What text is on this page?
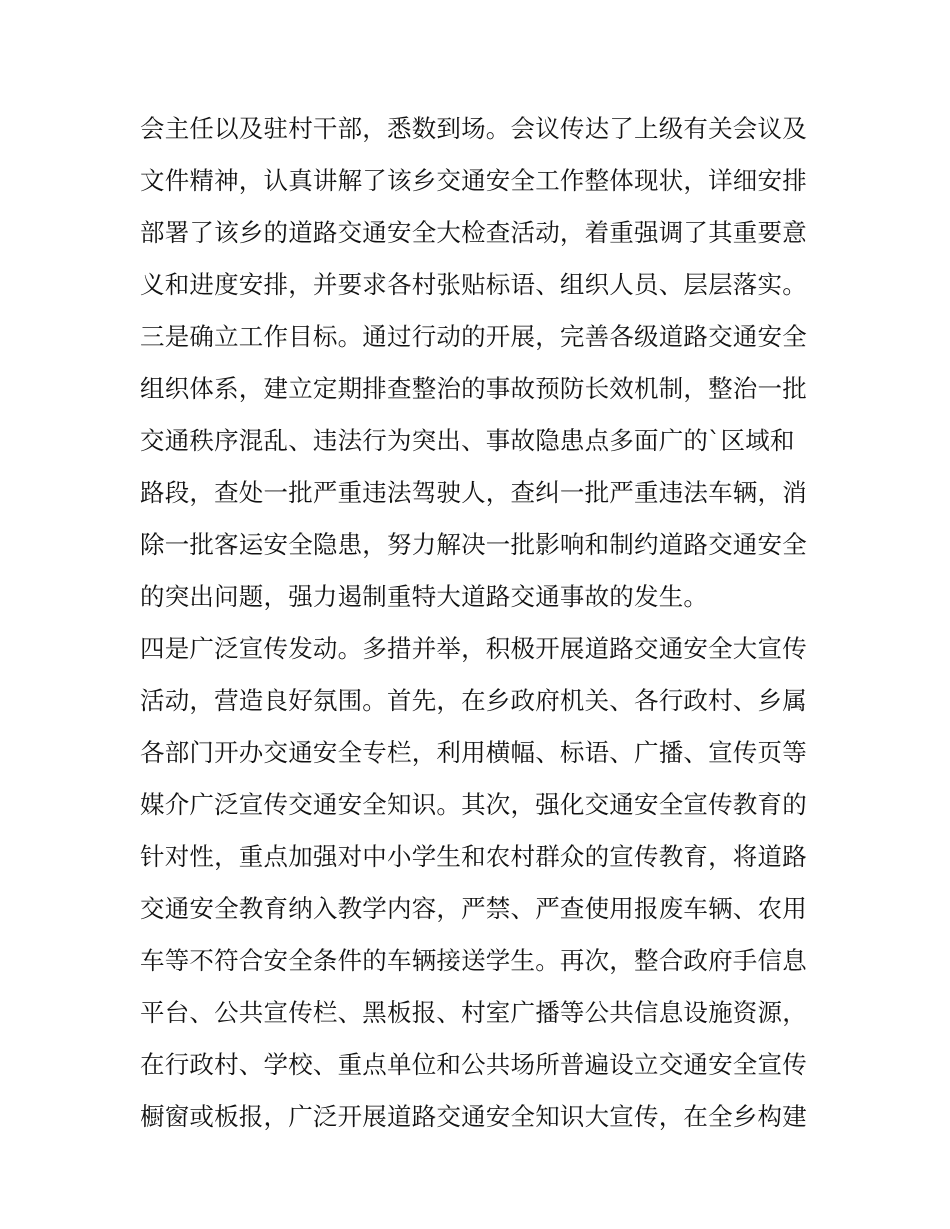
会主任以及驻村干部，悉数到场。会议传达了上级有关会议及
文件精神，认真讲解了该乡交通安全工作整体现状，详细安排
部署了该乡的道路交通安全大检查活动，着重强调了其重要意
义和进度安排，并要求各村张贴标语、组织人员、层层落实。
三是确立工作目标。通过行动的开展，完善各级道路交通安全
组织体系，建立定期排查整治的事故预防长效机制，整治一批
交通秩序混乱、违法行为突出、事故隐患点多面广的`区域和
路段，查处一批严重违法驾驶人，查纠一批严重违法车辆，消
除一批客运安全隐患，努力解决一批影响和制约道路交通安全
的突出问题，强力遏制重特大道路交通事故的发生。
四是广泛宣传发动。多措并举，积极开展道路交通安全大宣传
活动，营造良好氛围。首先，在乡政府机关、各行政村、乡属
各部门开办交通安全专栏，利用横幅、标语、广播、宣传页等
媒介广泛宣传交通安全知识。其次，强化交通安全宣传教育的
针对性，重点加强对中小学生和农村群众的宣传教育，将道路
交通安全教育纳入教学内容，严禁、严查使用报废车辆、农用
车等不符合安全条件的车辆接送学生。再次，整合政府手信息
平台、公共宣传栏、黑板报、村室广播等公共信息设施资源，
在行政村、学校、重点单位和公共场所普遍设立交通安全宣传
橱窗或板报，广泛开展道路交通安全知识大宣传，在全乡构建
